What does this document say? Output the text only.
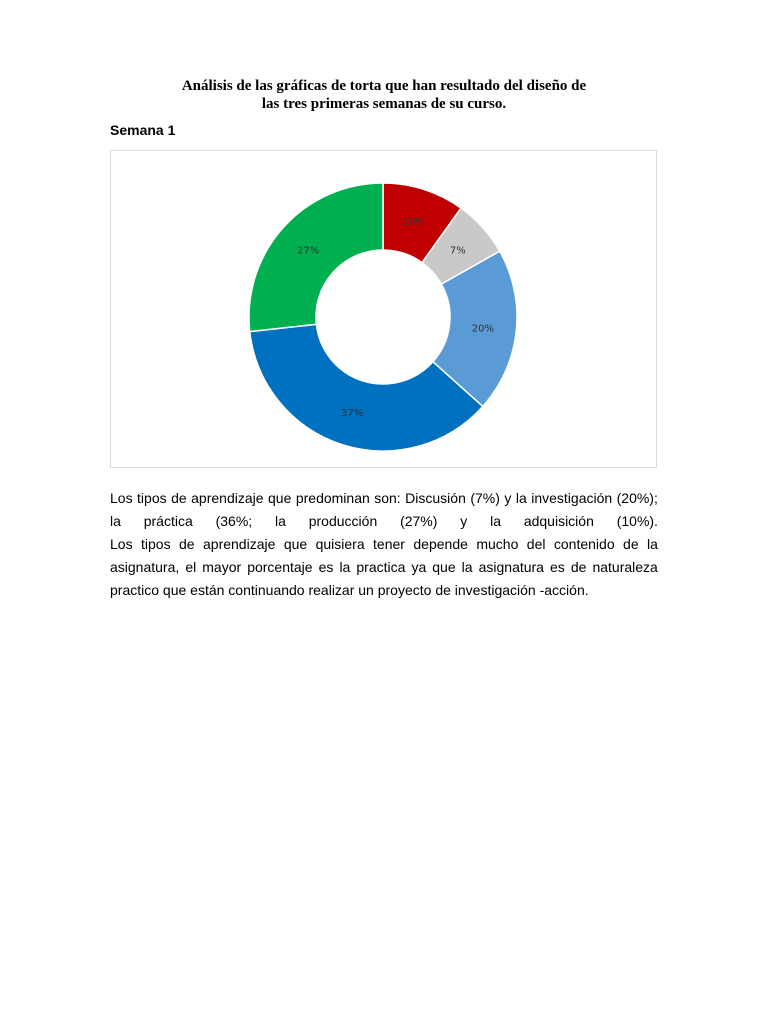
Análisis de las gráficas de torta que han resultado del diseño de
las tres primeras semanas de su curso.
Semana 1
10%
7%
20%
37%
27%
Los tipos de aprendizaje que predominan son: Discusión (7%) y la investigación (20%);
la práctica (36%; la producción (27%) y la adquisición (10%).
Los tipos de aprendizaje que quisiera tener depende mucho del contenido de la
asignatura, el mayor porcentaje es la practica ya que la asignatura es de naturaleza
practico que están continuando realizar un proyecto de investigación -acción.
